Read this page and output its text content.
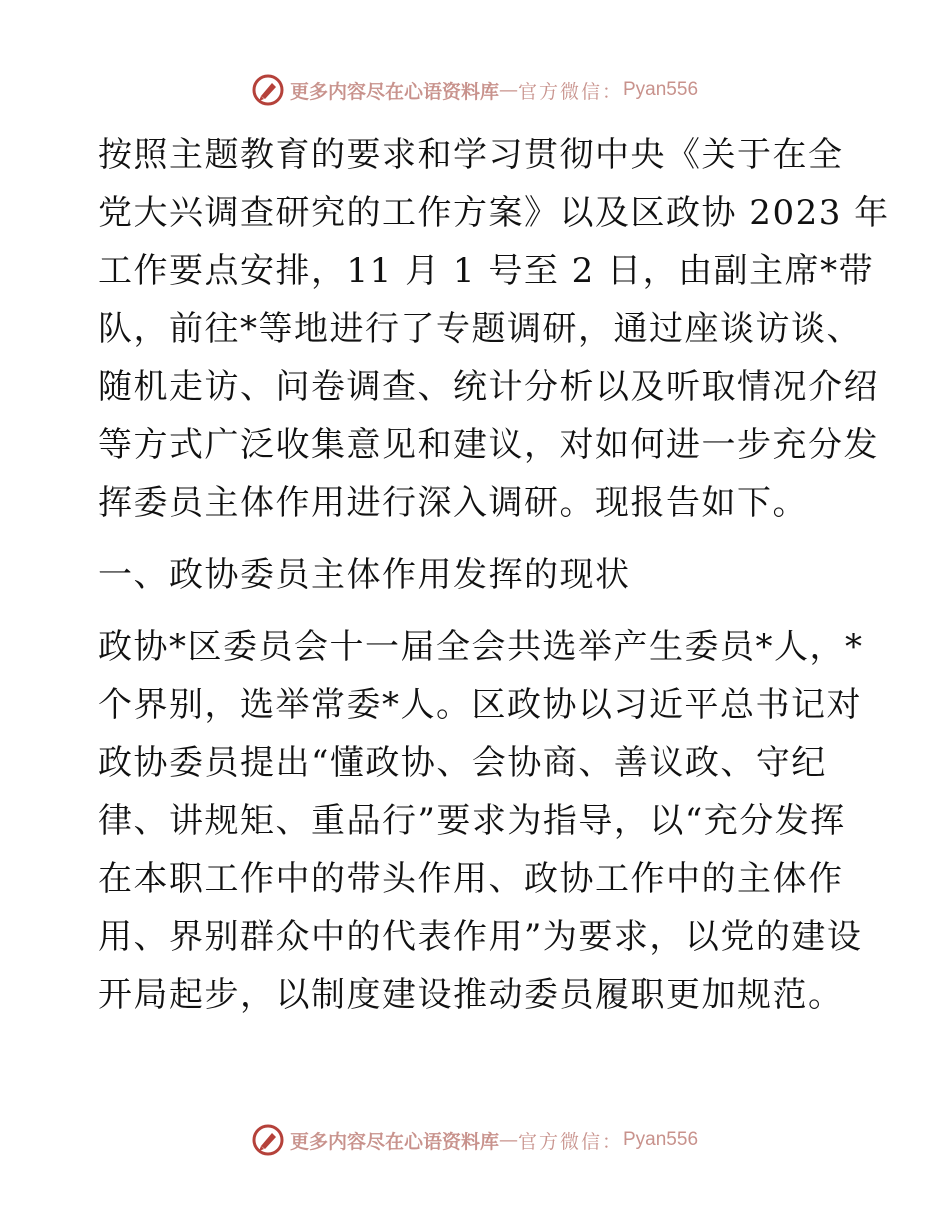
更多内容尽在心语资料库 — 官方微信： Pyan556
按照主题教育的要求和学习贯彻中央《关于在全
党大兴调查研究的工作方案》以及区政协 2023 年
工作要点安排，11 月 1 号至 2 日，由副主席*带
队，前往*等地进行了专题调研，通过座谈访谈、
随机走访、问卷调查、统计分析以及听取情况介绍
等方式广泛收集意见和建议，对如何进一步充分发
挥委员主体作用进行深入调研。现报告如下。
一、政协委员主体作用发挥的现状
政协*区委员会十一届全会共选举产生委员*人，*
个界别，选举常委*人。区政协以习近平总书记对
政协委员提出“懂政协、会协商、善议政、守纪
律、讲规矩、重品行”要求为指导，以“充分发挥
在本职工作中的带头作用、政协工作中的主体作
用、界别群众中的代表作用”为要求，以党的建设
开局起步，以制度建设推动委员履职更加规范。
更多内容尽在心语资料库 — 官方微信： Pyan556
